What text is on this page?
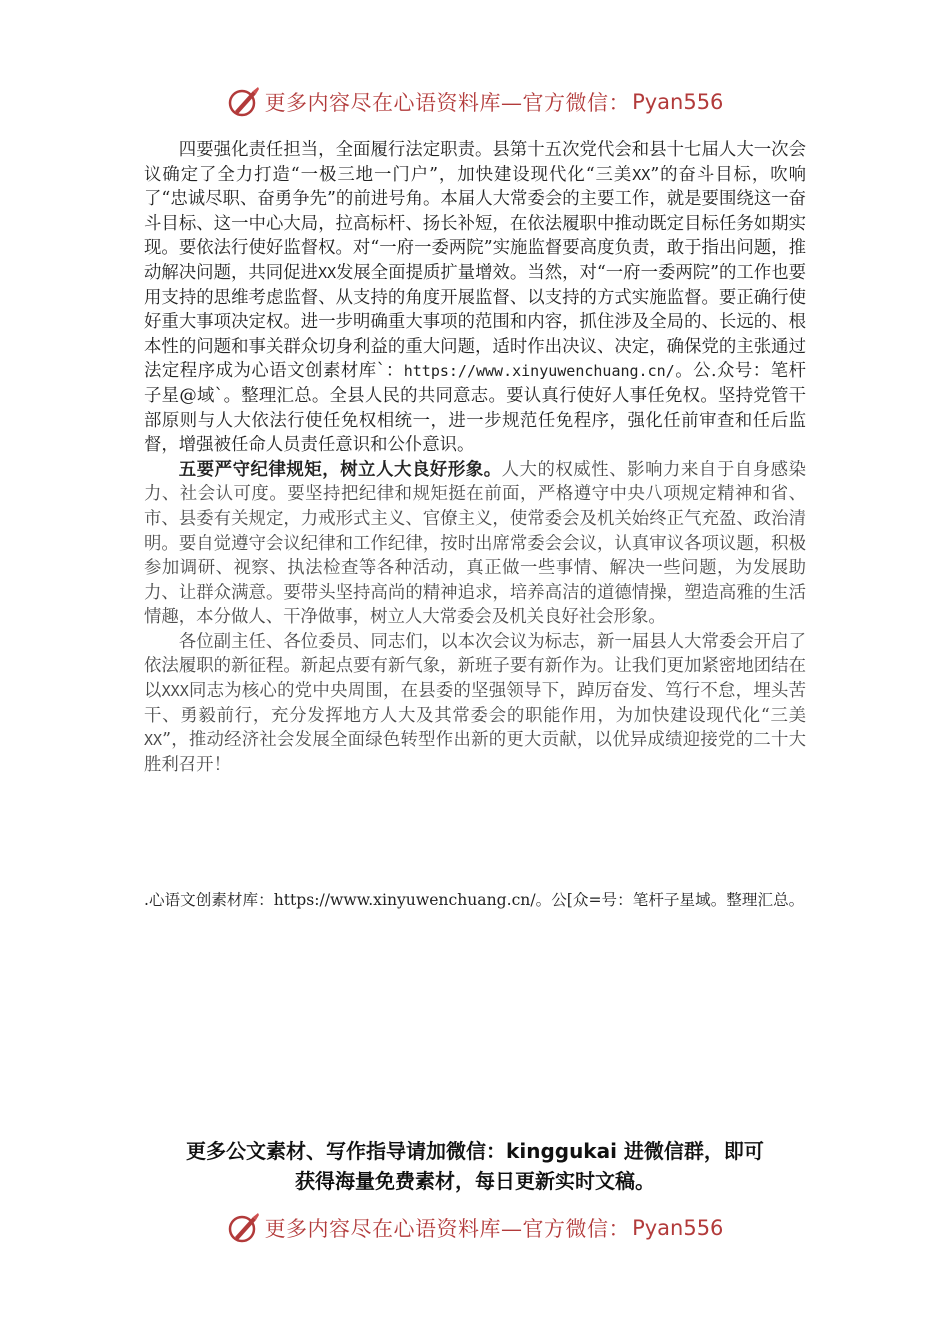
更多内容尽在心语资料库—官方微信： Pyan556

四要强化责任担当，全面履行法定职责。县第十五次党代会和县十七届人大一次会议确定了全力打造“一极三地一门户”，加快建设现代化“三美XX”的奋斗目标，吹响了“忠诚尽职、奋勇争先”的前进号角。本届人大常委会的主要工作，就是要围绕这一奋斗目标、这一中心大局，拉高标杆、扬长补短，在依法履职中推动既定目标任务如期实现。要依法行使好监督权。对“一府一委两院”实施监督要高度负责，敢于指出问题，推动解决问题，共同促进XX发展全面提质扩量增效。当然，对“一府一委两院”的工作也要用支持的思维考虑监督、从支持的角度开展监督、以支持的方式实施监督。要正确行使好重大事项决定权。进一步明确重大事项的范围和内容，抓住涉及全局的、长远的、根本性的问题和事关群众切身利益的重大问题，适时作出决议、决定，确保党的主张通过法定程序成为心语文创素材库`：https://www.xinyuwenchuang.cn/。公.众号：笔杆子星@域`。整理汇总。全县人民的共同意志。要认真行使好人事任免权。坚持党管干部原则与人大依法行使任免权相统一，进一步规范任免程序，强化任前审查和任后监督，增强被任命人员责任意识和公仆意识。

五要严守纪律规矩，树立人大良好形象。人大的权威性、影响力来自于自身感染力、社会认可度。要坚持把纪律和规矩挺在前面，严格遵守中央八项规定精神和省、市、县委有关规定，力戒形式主义、官僚主义，使常委会及机关始终正气充盈、政治清明。要自觉遵守会议纪律和工作纪律，按时出席常委会会议，认真审议各项议题，积极参加调研、视察、执法检查等各种活动，真正做一些事情、解决一些问题，为发展助力、让群众满意。要带头坚持高尚的精神追求，培养高洁的道德情操，塑造高雅的生活情趣，本分做人、干净做事，树立人大常委会及机关良好社会形象。

各位副主任、各位委员、同志们，以本次会议为标志，新一届县人大常委会开启了依法履职的新征程。新起点要有新气象，新班子要有新作为。让我们更加紧密地团结在以XXX同志为核心的党中央周围，在县委的坚强领导下，踔厉奋发、笃行不怠，埋头苦干、勇毅前行，充分发挥地方人大及其常委会的职能作用，为加快建设现代化“三美XX”，推动经济社会发展全面绿色转型作出新的更大贡献，以优异成绩迎接党的二十大胜利召开！

.心语文创素材库：https://www.xinyuwenchuang.cn/。公[众=号：笔杆子星域。整理汇总。
更多公文素材、写作指导请加微信：kinggukai 进微信群，即可
获得海量免费素材，每日更新实时文稿。
更多内容尽在心语资料库—官方微信： Pyan556
